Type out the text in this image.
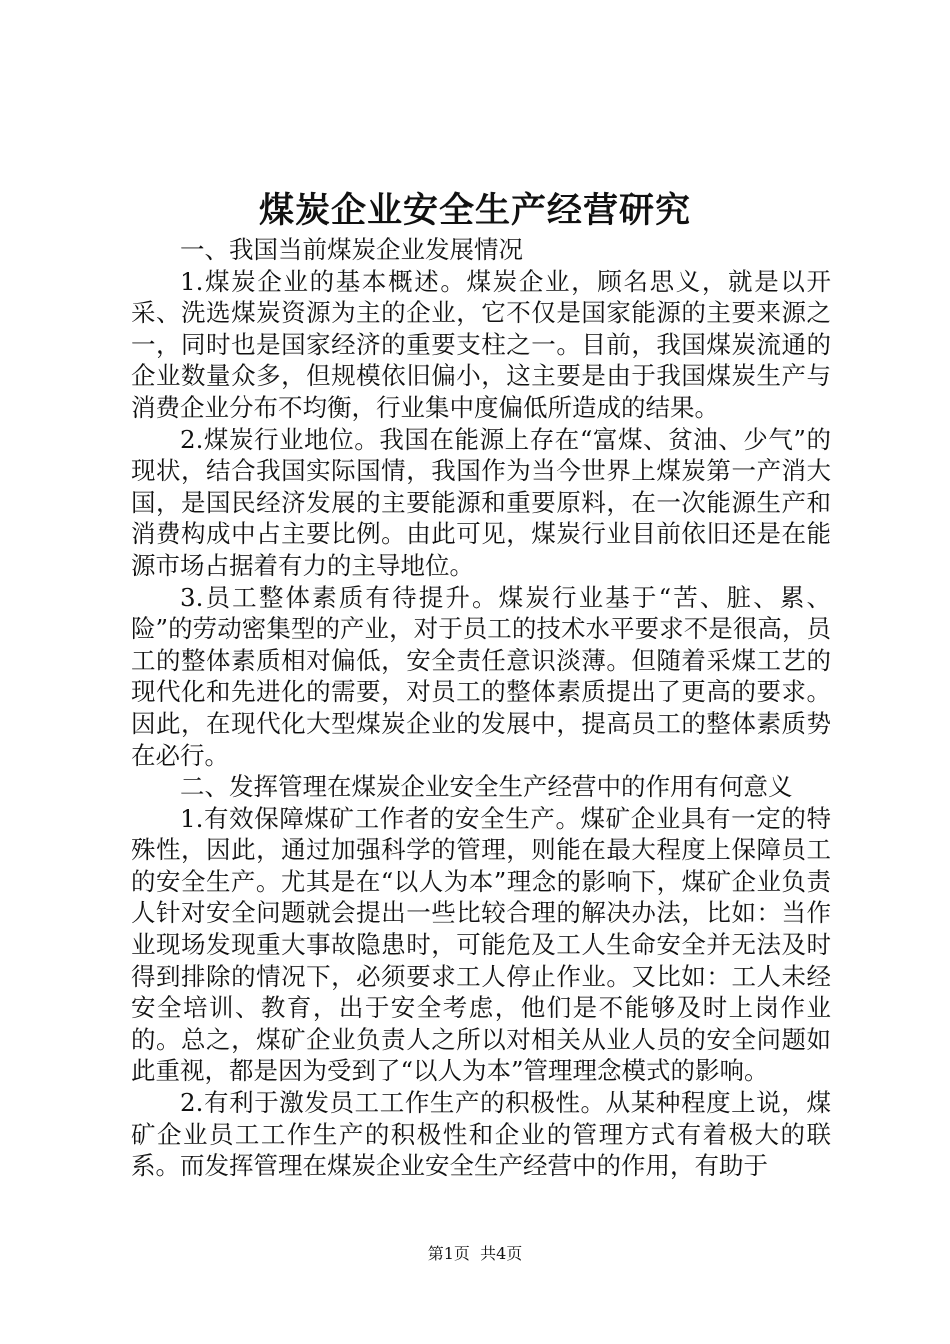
煤炭企业安全生产经营研究

一、我国当前煤炭企业发展情况

1.煤炭企业的基本概述。煤炭企业，顾名思义，就是以开采、洗选煤炭资源为主的企业，它不仅是国家能源的主要来源之一，同时也是国家经济的重要支柱之一。目前，我国煤炭流通的企业数量众多，但规模依旧偏小，这主要是由于我国煤炭生产与消费企业分布不均衡，行业集中度偏低所造成的结果。

2.煤炭行业地位。我国在能源上存在“富煤、贫油、少气”的现状，结合我国实际国情，我国作为当今世界上煤炭第一产消大国，是国民经济发展的主要能源和重要原料，在一次能源生产和消费构成中占主要比例。由此可见，煤炭行业目前依旧还是在能源市场占据着有力的主导地位。

3.员工整体素质有待提升。煤炭行业基于“苦、脏、累、险”的劳动密集型的产业，对于员工的技术水平要求不是很高，员工的整体素质相对偏低，安全责任意识淡薄。但随着采煤工艺的现代化和先进化的需要，对员工的整体素质提出了更高的要求。因此，在现代化大型煤炭企业的发展中，提高员工的整体素质势在必行。

二、发挥管理在煤炭企业安全生产经营中的作用有何意义

1.有效保障煤矿工作者的安全生产。煤矿企业具有一定的特殊性，因此，通过加强科学的管理，则能在最大程度上保障员工的安全生产。尤其是在“以人为本”理念的影响下，煤矿企业负责人针对安全问题就会提出一些比较合理的解决办法，比如：当作业现场发现重大事故隐患时，可能危及工人生命安全并无法及时得到排除的情况下，必须要求工人停止作业。又比如：工人未经安全培训、教育，出于安全考虑，他们是不能够及时上岗作业的。总之，煤矿企业负责人之所以对相关从业人员的安全问题如此重视，都是因为受到了“以人为本”管理理念模式的影响。

2.有利于激发员工工作生产的积极性。从某种程度上说，煤矿企业员工工作生产的积极性和企业的管理方式有着极大的联系。而发挥管理在煤炭企业安全生产经营中的作用，有助于

第1页 共4页
